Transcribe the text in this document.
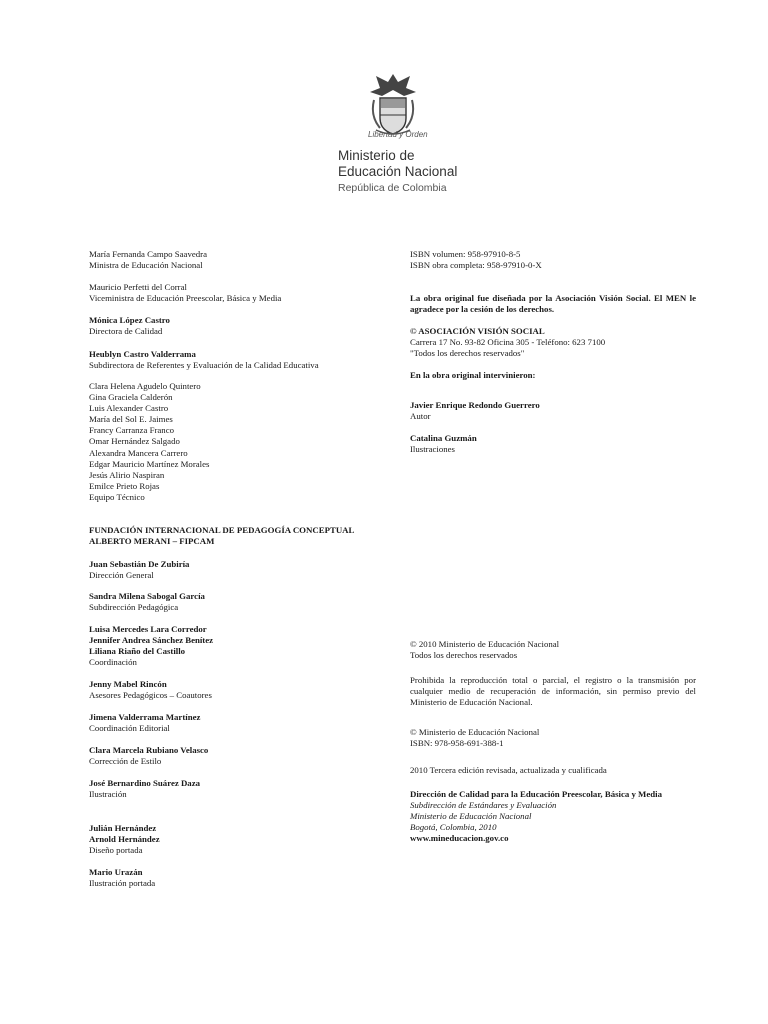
Libertad y Orden
Ministerio de
Educación Nacional
República de Colombia
María Fernanda Campo Saavedra
Ministra de Educación Nacional
Mauricio Perfetti del Corral
Viceministra de Educación Preescolar, Básica y Media
Mónica López Castro
Directora de Calidad
Heublyn Castro Valderrama
Subdirectora de Referentes y Evaluación de la Calidad Educativa
Clara Helena Agudelo Quintero
Gina Graciela Calderón
Luis Alexander Castro
María del Sol E. Jaimes
Francy Carranza Franco
Omar Hernández Salgado
Alexandra Mancera Carrero
Edgar Mauricio Martínez Morales
Jesús Alirio Naspiran
Emilce Prieto Rojas
Equipo Técnico
FUNDACIÓN INTERNACIONAL DE PEDAGOGÍA CONCEPTUAL
ALBERTO MERANI – FIPCAM
Juan Sebastián De Zubiría
Dirección General
Sandra Milena Sabogal García
Subdirección Pedagógica
Luisa Mercedes Lara Corredor
Jennifer Andrea Sánchez Benítez
Liliana Riaño del Castillo
Coordinación
Jenny Mabel Rincón
Asesores Pedagógicos – Coautores
Jimena Valderrama Martínez
Coordinación Editorial
Clara Marcela Rubiano Velasco
Corrección de Estilo
José Bernardino Suárez Daza
Ilustración
Julián Hernández
Arnold Hernández
Diseño portada
Mario Urazán
Ilustración portada
ISBN volumen: 958-97910-8-5
ISBN obra completa: 958-97910-0-X
La obra original fue diseñada por la Asociación Visión Social. El MEN le agradece por la cesión de los derechos.
© ASOCIACIÓN VISIÓN SOCIAL
Carrera 17 No. 93-82 Oficina 305 - Teléfono: 623 7100
"Todos los derechos reservados"
En la obra original intervinieron:
Javier Enrique Redondo Guerrero
Autor
Catalina Guzmán
Ilustraciones
© 2010 Ministerio de Educación Nacional
Todos los derechos reservados
Prohibida la reproducción total o parcial, el registro o la transmisión por cualquier medio de recuperación de información, sin permiso previo del Ministerio de Educación Nacional.
© Ministerio de Educación Nacional
ISBN: 978-958-691-388-1
2010 Tercera edición revisada, actualizada y cualificada
Dirección de Calidad para la Educación Preescolar, Básica y Media
Subdirección de Estándares y Evaluación
Ministerio de Educación Nacional
Bogotá, Colombia, 2010
www.mineducacion.gov.co
